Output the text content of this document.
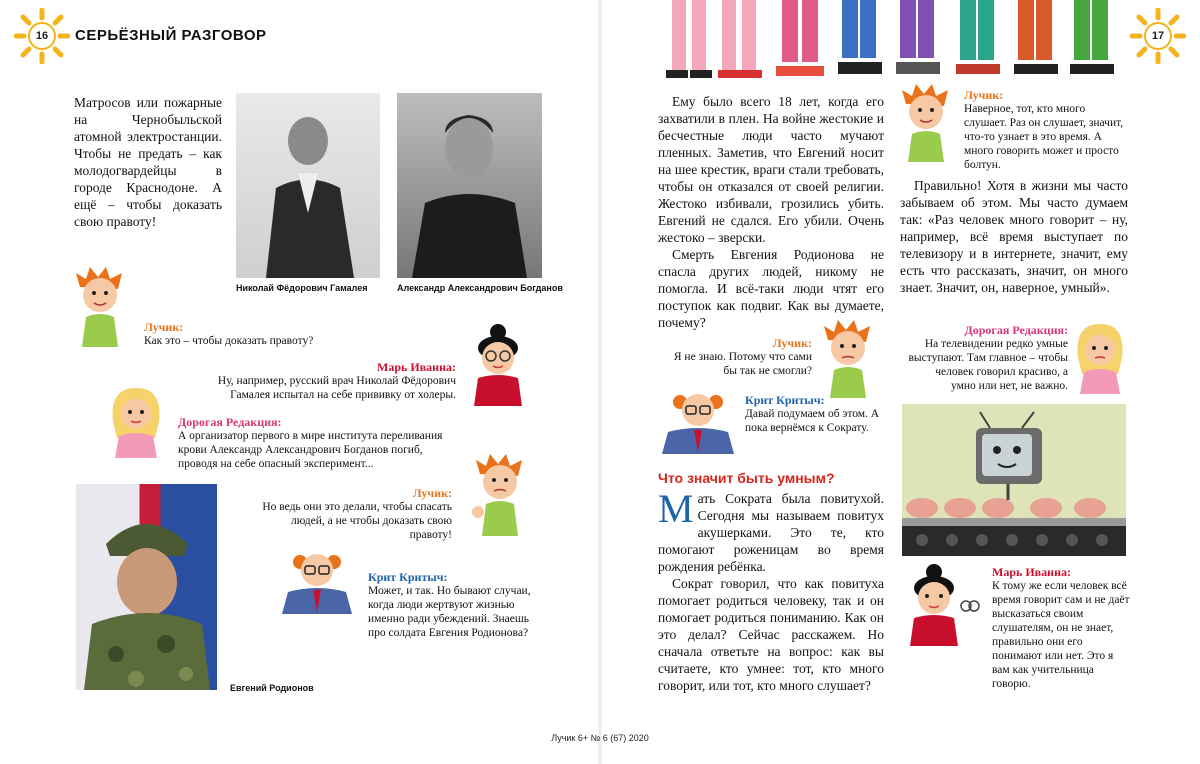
16	СЕРЬЁЗНЫЙ РАЗГОВОР

Матросов или пожарные на Чернобыльской атомной электростанции. Чтобы не предать – как молодогвардейцы в городе Краснодоне. А ещё – чтобы доказать свою правоту!

Николай Фёдорович Гамалея	Александр Александрович Богданов
Лучик:
Как это – чтобы доказать правоту?
Марь Иванна:
Ну, например, русский врач Николай Фёдорович Гамалея испытал на себе прививку от холеры.
Дорогая Редакция:
А организатор первого в мире института переливания крови Александр Александрович Богданов погиб, проводя на себе опасный эксперимент...
Евгений Родионов
Лучик:
Но ведь они это делали, чтобы спасать людей, а не чтобы доказать свою правоту!
Крит Критыч:
Может, и так. Но бывают случаи, когда люди жертвуют жизнью именно ради убеждений. Знаешь про солдата Евгения Родионова?
17

Ему было всего 18 лет, когда его захватили в плен. На войне жестокие и бесчестные люди часто мучают пленных. Заметив, что Евгений носит на шее крестик, враги стали требовать, чтобы он отказался от своей религии. Жестоко избивали, грозились убить. Евгений не сдался. Его убили. Очень жестоко – зверски.

Смерть Евгения Родионова не спасла других людей, никому не помогла. И всё-таки люди чтят его поступок как подвиг. Как вы думаете, почему?

Лучик:
Я не знаю. Потому что сами бы так не смогли?
Крит Критыч:
Давай подумаем об этом. А пока вернёмся к Сократу.
Что значит быть умным?

Мать Сократа была повитухой. Сегодня мы называем повитух акушерками. Это те, кто помогают роженицам во время рождения ребёнка.

Сократ говорил, что как повитуха помогает родиться человеку, так и он помогает родиться пониманию. Как он это делал? Сейчас расскажем. Но сначала ответьте на вопрос: как вы считаете, кто умнее: тот, кто много говорит, или тот, кто много слушает?

Лучик:
Наверное, тот, кто много слушает. Раз он слушает, значит, что-то узнает в это время. А много говорить может и просто болтун.

Правильно! Хотя в жизни мы часто забываем об этом. Мы часто думаем так: «Раз человек много говорит – ну, например, всё время выступает по телевизору и в интернете, значит, ему есть что рассказать, значит, он много знает. Значит, он, наверное, умный».

Дорогая Редакция:
На телевидении редко умные выступают. Там главное – чтобы человек говорил красиво, а умно или нет, не важно.
Марь Иванна:
К тому же если человек всё время говорит сам и не даёт высказаться своим слушателям, он не знает, правильно они его понимают или нет. Это я вам как учительница говорю.
Лучик 6+ № 6 (67) 2020
